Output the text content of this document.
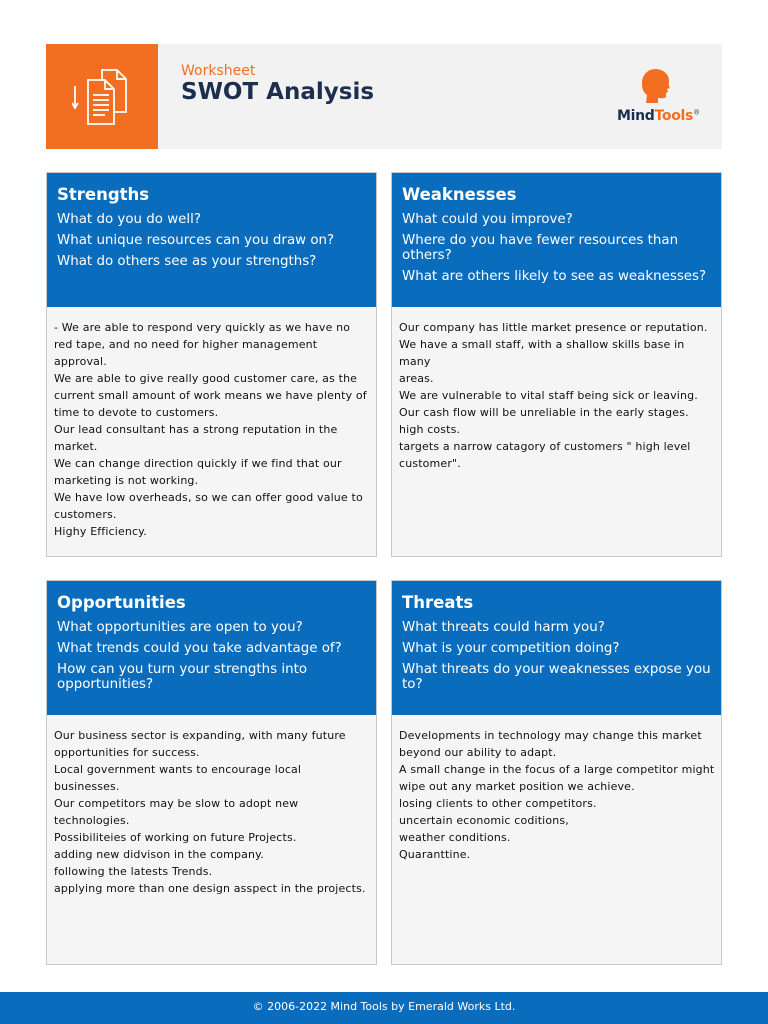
Worksheet
SWOT Analysis
MindTools®
Strengths
What do you do well?
What unique resources can you draw on?
What do others see as your strengths?
- We are able to respond very quickly as we have no
red tape, and no need for higher management
approval.
We are able to give really good customer care, as the
current small amount of work means we have plenty of
time to devote to customers.
Our lead consultant has a strong reputation in the
market.
We can change direction quickly if we find that our
marketing is not working.
We have low overheads, so we can offer good value to
customers.
Highy Efficiency.
Weaknesses
What could you improve?
Where do you have fewer resources than others?
What are others likely to see as weaknesses?
Our company has little market presence or reputation.
We have a small staff, with a shallow skills base in many
areas.
We are vulnerable to vital staff being sick or leaving.
Our cash flow will be unreliable in the early stages.
high costs.
targets a narrow catagory of customers " high level
customer".
Opportunities
What opportunities are open to you?
What trends could you take advantage of?
How can you turn your strengths into opportunities?
Our business sector is expanding, with many future
opportunities for success.
Local government wants to encourage local
businesses.
Our competitors may be slow to adopt new
technologies.
Possibiliteies of working on future Projects.
adding new didvison in the company.
following the latests Trends.
applying more than one design asspect in the projects.
Threats
What threats could harm you?
What is your competition doing?
What threats do your weaknesses expose you to?
Developments in technology may change this market
beyond our ability to adapt.
A small change in the focus of a large competitor might
wipe out any market position we achieve.
losing clients to other competitors.
uncertain economic coditions,
weather conditions.
Quaranttine.
© 2006-2022 Mind Tools by Emerald Works Ltd.
